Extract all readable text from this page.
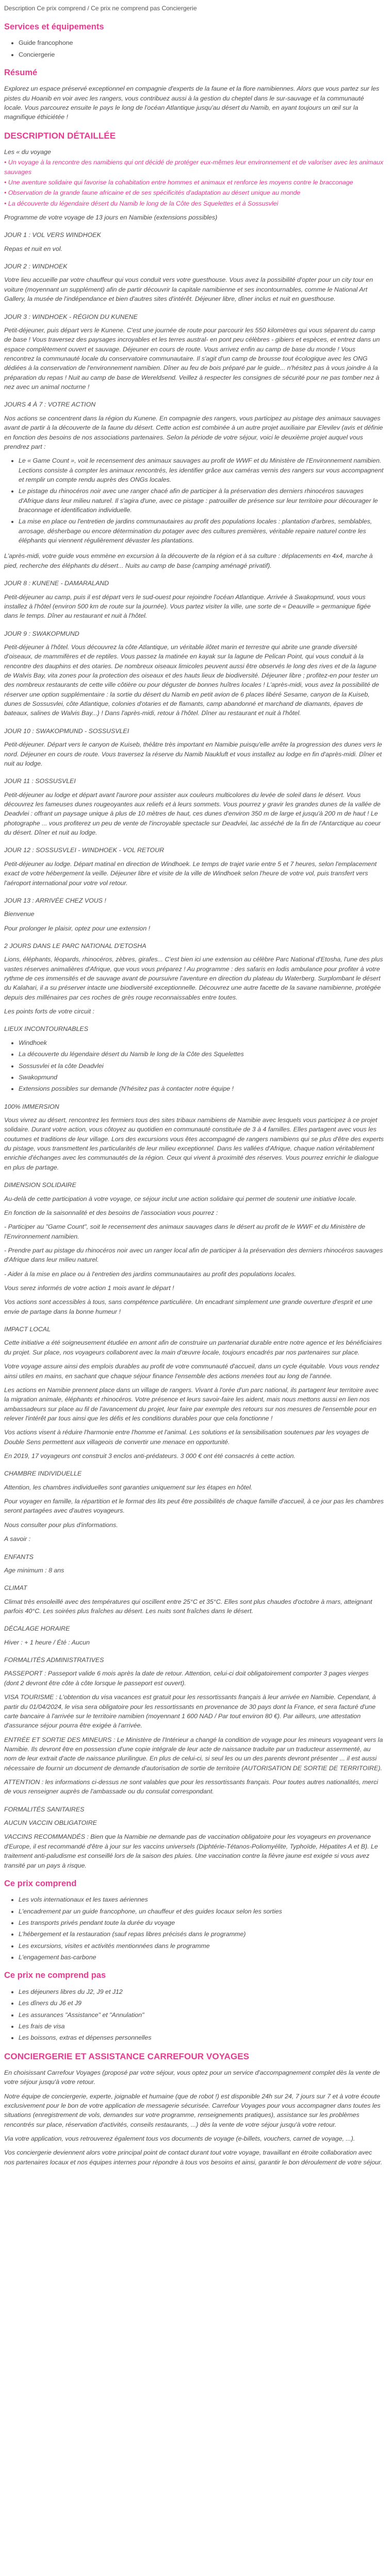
Description Ce prix comprend / Ce prix ne comprend pas Conciergerie

Services et équipements
• Guide francophone
• Conciergerie
Résumé

Explorez un espace préservé exceptionnel en compagnie d'experts de la faune et la flore namibiennes. Alors que vous partez sur les pistes du Hoanib en voir avec les rangers, vous contribuez aussi à la gestion du cheptel dans le sur-sauvage et la communauté locale. Vous parcourez ensuite le pays le long de l'océan Atlantique jusqu'au désert du Namib, en ayant toujours un œil sur la magnifique éthiciétée !

DESCRIPTION DÉTAILLÉE

Les « du voyage

• Un voyage à la rencontre des namibiens qui ont décidé de protéger eux-mêmes leur environnement et de valoriser avec les animaux sauvages

• Une aventure solidaire qui favorise la cohabitation entre hommes et animaux et renforce les moyens contre le bracconage

• Observation de la grande faune africaine et de ses spécificités d'adaptation au désert unique au monde

• La découverte du légendaire désert du Namib le long de la Côte des Squelettes et à Sossusvlei

Programme de votre voyage de 13 jours en Namibie (extensions possibles)

JOUR 1 : VOL VERS WINDHOEK

Repas et nuit en vol.

JOUR 2 : WINDHOEK

Votre lieu accueille par votre chauffeur qui vous conduit vers votre guesthouse. Vous avez la possibilité d'opter pour un city tour en voiture (moyennant un supplément) afin de partir découvrir la capitale namibienne et ses incontournables, comme le National Art Gallery, la musée de l'indépendance et bien d'autres sites d'intérêt. Déjeuner libre, dîner inclus et nuit en guesthouse.

JOUR 3 : WINDHOEK - RÉGION DU KUNENE

Petit-déjeuner, puis départ vers le Kunene. C'est une journée de route pour parcourir les 550 kilomètres qui vous séparent du camp de base ! Vous traversez des paysages incroyables et les terres austral- en pont peu célèbres - gibiers et espèces, et entrez dans un espace complètement ouvert et sauvage. Déjeuner en cours de route. Vous arrivez enfin au camp de base du monde ! Vous rencontrez la communauté locale du conservatoire communautaire. Il s'agit d'un camp de brousse tout écologique avec les ONG dédiées à la conservation de l'environnement namibien. Dîner au feu de bois préparé par le guide... n'hésitez pas à vous joindre à la préparation du repas ! Nuit au camp de base de Wereldsend. Veillez à respecter les consignes de sécurité pour ne pas tomber nez à nez avec un animal nocturne !

JOURS 4 À 7 : VOTRE ACTION

Nos actions se concentrent dans la région du Kunene. En compagnie des rangers, vous participez au pistage des animaux sauvages avant de partir à la découverte de la faune du désert. Cette action est combinée à un autre projet auxiliaire par Elevilev (avis et définie en fonction des besoins de nos associations partenaires. Selon la période de votre séjour, voici le deuxième projet auquel vous prendrez part :

• Le « Game Count », voit le recensement des animaux sauvages au profit de WWF et du Ministère de l'Environnement namibien. Lections consiste à compter les animaux rencontrés, les identifier grâce aux caméras vernis des rangers sur vous accompagnent et remplir un compte rendu auprès des ONGs locales.
• Le pistage du rhinocéros noir avec une ranger chacé afin de participer à la préservation des derniers rhinocéros sauvages d'Afrique dans leur milieu naturel. Il s'agira d'une, avec ce pistage : patrouiller de présence sur leur territoire pour décourager le braconnage et identification individuelle.
• La mise en place ou l'entretien de jardins communautaires au profit des populations locales : plantation d'arbres, semblables, arrosage, désherbage ou encore détermination du potager avec des cultures premières, véritable repaire naturel contre les éléphants qui viennent régulièrement dévaster les plantations.

L'après-midi, votre guide vous emmène en excursion à la découverte de la région et à sa culture : déplacements en 4x4, marche à pied, recherche des éléphants du désert... Nuits au camp de base (camping aménagé privatif).

JOUR 8 : KUNENE - DAMARALAND

Petit-déjeuner au camp, puis il est départ vers le sud-ouest pour rejoindre l'océan Atlantique. Arrivée à Swakopmund, vous vous installez à l'hôtel (environ 500 km de route sur la journée). Vous partez visiter la ville, une sorte de « Deauville » germanique figée dans le temps. Dîner au restaurant et nuit à l'hôtel.

JOUR 9 : SWAKOPMUND

Petit-déjeuner à l'hôtel. Vous découvrez la côte Atlantique, un véritable ilôtet marin et terrestre qui abrite une grande diversité d'oiseaux, de mammifères et de reptiles. Vous passez la matinée en kayak sur la lagune de Pelican Point, qui vous conduit à la rencontre des dauphins et des otaries. De nombreux oiseaux limicoles peuvent aussi être observés le long des rives et de la lagune de Walvis Bay, vita zones pour la protection des oiseaux et des hauts lieux de biodiversité. Déjeuner libre ; profitez-en pour tester un des nombreux restaurants de cette ville côtière ou pour déguster de bonnes huîtres locales ! L'après-midi, vous avez la possibilité de réserver une option supplémentaire : la sortie du désert du Namib en petit avion de 6 places libéré Sesame, canyon de la Kuiseb, dunes de Sossusvlei, côte Atlantique, colonies d'otaries et de flamants, camp abandonné et marchand de diamants, épaves de bateaux, salines de Walvis Bay...) ! Dans l'après-midi, retour à l'hôtel. Dîner au restaurant et nuit à l'hôtel.

JOUR 10 : SWAKOPMUND - SOSSUSVLEI

Petit-déjeuner. Départ vers le canyon de Kuiseb, théâtre très important en Namibie puisqu'elle arrête la progression des dunes vers le nord. Déjeuner en cours de route. Vous traversez la réserve du Namib Naukluft et vous installez au lodge en fin d'après-midi. Dîner et nuit au lodge.

JOUR 11 : SOSSUSVLEI

Petit-déjeuner au lodge et départ avant l'aurore pour assister aux couleurs multicolores du levée de soleil dans le désert. Vous découvrez les fameuses dunes rougeoyantes aux reliefs et à leurs sommets. Vous pourrez y gravir les grandes dunes de la vallée de Deadvlei : offrant un paysage unique à plus de 10 mètres de haut, ces dunes d'environ 350 m de large et jusqu'à 200 m de haut ! Le photographe ... vous profiterez un peu de vente de l'incroyable spectacle sur Deadvlei, lac asséché de la fin de l'Antarctique au coeur du désert. Dîner et nuit au lodge.

JOUR 12 : SOSSUSVLEI - WINDHOEK - VOL RETOUR

Petit-déjeuner au lodge. Départ matinal en direction de Windhoek. Le temps de trajet varie entre 5 et 7 heures, selon l'emplacement exact de votre hébergement la veille. Déjeuner libre et visite de la ville de Windhoek selon l'heure de votre vol, puis transfert vers l'aéroport international pour votre vol retour.

JOUR 13 : ARRIVÉE CHEZ VOUS !

Bienvenue

Pour prolonger le plaisir, optez pour une extension !

2 JOURS DANS LE PARC NATIONAL D'ETOSHA

Lions, éléphants, léopards, rhinocéros, zèbres, girafes... C'est bien ici une extension au célèbre Parc National d'Etosha, l'une des plus vastes réserves animalières d'Afrique, que vous vous préparez ! Au programme : des safaris en lodis ambulance pour profiter à votre rythme de ces immensités et de sauvage avant de poursuivre l'aventure en direction du plateau du Waterberg. Surplombant le désert du Kalahari, il a su préserver intacte une biodiversité exceptionnelle. Découvrez une autre facette de la savane namibienne, protégée depuis des millénaires par ces roches de grès rouge reconnaissables entre toutes.

Les points forts de votre circuit :

LIEUX INCONTOURNABLES
• Windhoek
• La découverte du légendaire désert du Namib le long de la Côte des Squelettes
• Sossusvlei et la côte Deadvlei
• Swakopmund
• Extensions possibles sur demande (N'hésitez pas à contacter notre équipe !
100% IMMERSION

Vous vivrez au désert, rencontrez les fermiers tous des sites tribaux namibiens de Namibie avec lesquels vous participez à ce projet solidaire. Durant votre action, vous côtoyez au quotidien en communauté constituée de 3 à 4 familles. Elles partagent avec vous les coutumes et traditions de leur village. Lors des excursions vous êtes accompagné de rangers namibiens qui se plus d'être des experts du pistage, vous transmettent les particularités de leur milieu exceptionnel. Dans les vallées d'Afrique, chaque nation véritablement enrichie d'échanges avec les communautés de la région. Ceux qui vivent à proximité des réserves. Vous pourrez enrichir le dialogue en plus de partage.

DIMENSION SOLIDAIRE

Au-delà de cette participation à votre voyage, ce séjour inclut une action solidaire qui permet de soutenir une initiative locale.

En fonction de la saisonnalité et des besoins de l'association vous pourrez :

- Participer au "Game Count", soit le recensement des animaux sauvages dans le désert au profit de le WWF et du Ministère de l'Environnement namibien.

- Prendre part au pistage du rhinocéros noir avec un ranger local afin de participer à la préservation des derniers rhinocéros sauvages d'Afrique dans leur milieu naturel.

- Aider à la mise en place ou à l'entretien des jardins communautaires au profit des populations locales.

Vous serez informés de votre action 1 mois avant le départ !

Vos actions sont accessibles à tous, sans compétence particulière. Un encadrant simplement une grande ouverture d'esprit et une envie de partage dans la bonne humeur !

IMPACT LOCAL

Cette initiative a été soigneusement étudiée en amont afin de construire un partenariat durable entre notre agence et les bénéficiaires du projet. Sur place, nos voyageurs collaborent avec la main d'œuvre locale, toujours encadrés par nos partenaires sur place.

Votre voyage assure ainsi des emplois durables au profit de votre communauté d'accueil, dans un cycle équitable. Vous vous rendez ainsi utiles en mains, en sachant que chaque séjour finance l'ensemble des actions menées tout au long de l'année.

Les actions en Namibie prennent place dans un village de rangers. Vivant à l'orée d'un parc national, ils partagent leur territoire avec la migration animale, éléphants et rhinocéros. Votre présence et leurs savoir-faire les aident, mais nous mettons aussi en lien nos ambassadeurs sur place au fil de l'avancement du projet, leur faire par exemple des retours sur nos mesures de l'ensemble pour en relever l'intérêt par tous ainsi que les défis et les conditions durables pour que cela fonctionne !

Vos actions visent à réduire l'harmonie entre l'homme et l'animal. Les solutions et la sensibilisation soutenues par les voyages de Double Sens permettent aux villageois de convertir une menace en opportunité.

En 2019, 17 voyageurs ont construit 3 enclos anti-prédateurs. 3 000 € ont été consacrés à cette action.

CHAMBRE INDIVIDUELLE

Attention, les chambres individuelles sont garanties uniquement sur les étapes en hôtel.

Pour voyager en famille, la répartition et le format des lits peut être possibilités de chaque famille d'accueil, à ce jour pas les chambres seront partagées avec d'autres voyageurs.

Nous consulter pour plus d'informations.

A savoir :

ENFANTS

Age minimum : 8 ans

CLIMAT

Climat très ensoleillé avec des températures qui oscillent entre 25°C et 35°C. Elles sont plus chaudes d'octobre à mars, atteignant parfois 40°C. Les soirées plus fraîches au désert. Les nuits sont fraîches dans le désert.

DÉCALAGE HORAIRE

Hiver : + 1 heure / Été : Aucun

FORMALITÉS ADMINISTRATIVES

PASSEPORT : Passeport valide 6 mois après la date de retour. Attention, celui-ci doit obligatoirement comporter 3 pages vierges (dont 2 devront être côte à côte lorsque le passeport est ouvert).

VISA TOURISME : L'obtention du visa vacances est gratuit pour les ressortissants français à leur arrivée en Namibie. Cependant, à partir du 01/04/2024, le visa sera obligatoire pour les ressortissants en provenance de 30 pays dont la France, et sera facturé d'une carte bancaire à l'arrivée sur le territoire namibien (moyennant 1 600 NAD / Par tout environ 80 €). Par ailleurs, une attestation d'assurance séjour pourra être exigée à l'arrivée.

ENTRÉE ET SORTIE DES MINEURS : Le Ministère de l'Intérieur a changé la condition de voyage pour les mineurs voyageant vers la Namibie. Ils devront être en possession d'une copie intégrale de leur acte de naissance traduite par un traducteur assermenté, au nom de leur extrait d'acte de naissance plurilingue. En plus de celui-ci, si seul les ou un des parents devront présenter ... il est aussi nécessaire de fournir un document de demande d'autorisation de sortie de territoire (AUTORISATION DE SORTIE DE TERRITOIRE).

ATTENTION : les informations ci-dessus ne sont valables que pour les ressortissants français. Pour toutes autres nationalités, merci de vous renseigner auprès de l'ambassade ou du consulat correspondant.

FORMALITÉS SANITAIRES

AUCUN VACCIN OBLIGATOIRE

VACCINS RECOMMANDÉS : Bien que la Namibie ne demande pas de vaccination obligatoire pour les voyageurs en provenance d'Europe, il est recommandé d'être à jour sur les vaccins universels (Diphtérie-Tétanos-Poliomyélite, Typhoïde, Hépatites A et B). Le traitement anti-paludisme est conseillé lors de la saison des pluies. Une vaccination contre la fièvre jaune est exigée si vous avez transité par un pays à risque.

Ce prix comprend
• Les vols internationaux et les taxes aériennes
• L'encadrement par un guide francophone, un chauffeur et des guides locaux selon les sorties
• Les transports privés pendant toute la durée du voyage
• L'hébergement et la restauration (sauf repas libres précisés dans le programme)
• Les excursions, visites et activités mentionnées dans le programme
• L'engagement bas-carbone
Ce prix ne comprend pas
• Les déjeuners libres du J2, J9 et J12
• Les dîners du J6 et J9
• Les assurances "Assistance" et "Annulation"
• Les frais de visa
• Les boissons, extras et dépenses personnelles
CONCIERGERIE ET ASSISTANCE CARREFOUR VOYAGES

En choisissant Carrefour Voyages (proposé par votre séjour, vous optez pour un service d'accompagnement complet dès la vente de votre séjour jusqu'à votre retour.

Notre équipe de conciergerie, experte, joignable et humaine (que de robot !) est disponible 24h sur 24, 7 jours sur 7 et à votre écoute exclusivement pour le bon de votre application de messagerie sécurisée. Carrefour Voyages pour vous accompagner dans toutes les situations (enregistrement de vols, demandes sur votre programme, renseignements pratiques), assistance sur les problèmes rencontrés sur place, réservation d'activités, conseils restaurants, ...) dès la vente de votre séjour jusqu'à votre retour.

Via votre application, vous retrouverez également tous vos documents de voyage (e-billets, vouchers, carnet de voyage, ...).

Vos conciergerie deviennent alors votre principal point de contact durant tout votre voyage, travaillant en étroite collaboration avec nos partenaires locaux et nos équipes internes pour répondre à tous vos besoins et ainsi, garantir le bon déroulement de votre séjour.
